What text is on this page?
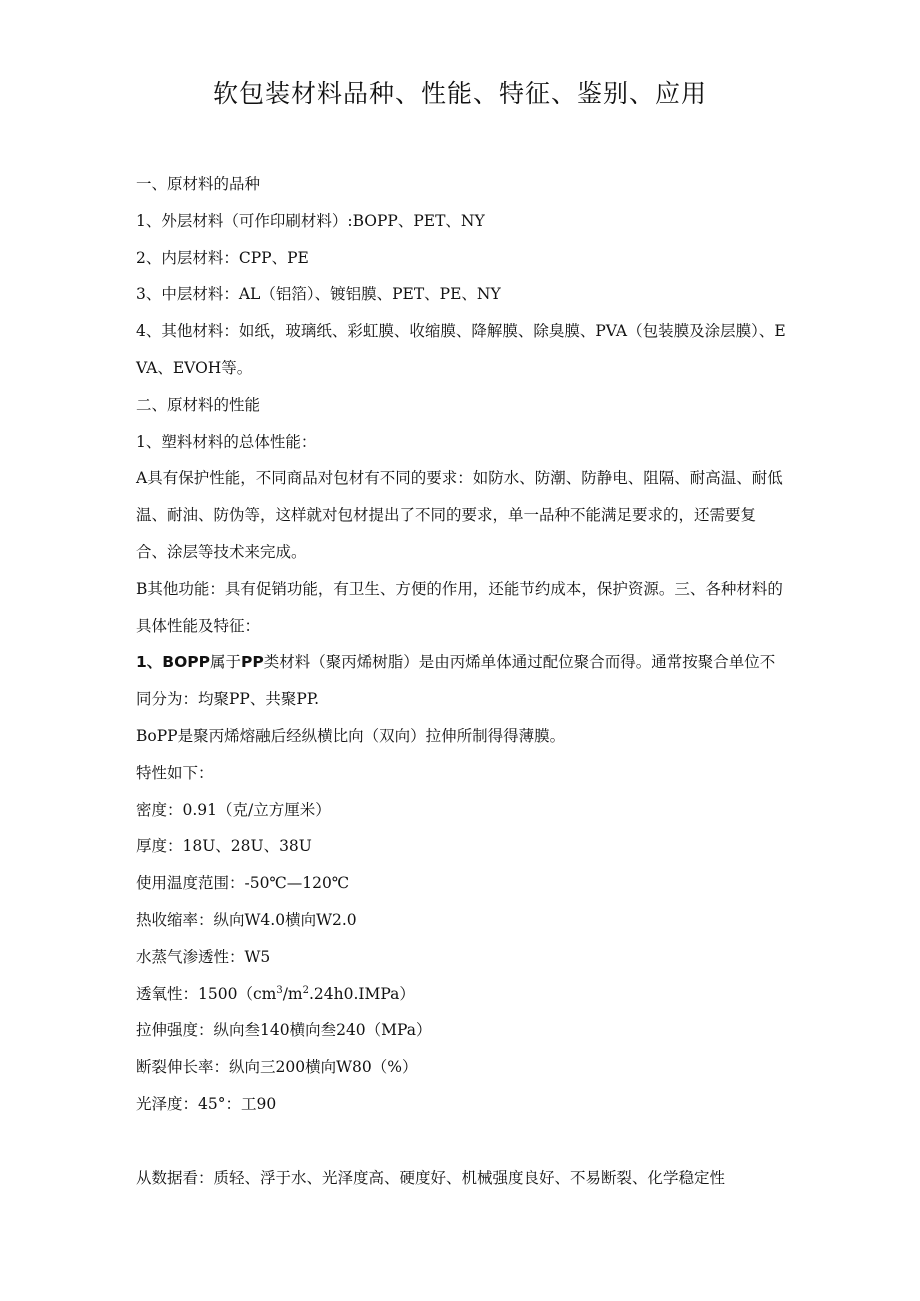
软包装材料品种、性能、特征、鉴别、应用

一、原材料的品种

1、外层材料（可作印刷材料）:BOPP、PET、NY

2、内层材料：CPP、PE

3、中层材料：AL（铝箔）、镀铝膜、PET、PE、NY

4、其他材料：如纸，玻璃纸、彩虹膜、收缩膜、降解膜、除臭膜、PVA（包装膜及涂层膜）、EVA、EVOH等。

二、原材料的性能

1、塑料材料的总体性能：

A具有保护性能，不同商品对包材有不同的要求：如防水、防潮、防静电、阻隔、耐高温、耐低温、耐油、防伪等，这样就对包材提出了不同的要求，单一品种不能满足要求的，还需要复合、涂层等技术来完成。

B其他功能：具有促销功能，有卫生、方便的作用，还能节约成本，保护资源。三、各种材料的具体性能及特征：

1、BOPP属于PP类材料（聚丙烯树脂）是由丙烯单体通过配位聚合而得。通常按聚合单位不同分为：均聚PP、共聚PP.

BoPP是聚丙烯熔融后经纵横比向（双向）拉伸所制得得薄膜。

特性如下：

密度：0.91（克/立方厘米）

厚度：18U、28U、38U

使用温度范围：-50℃—120℃

热收缩率：纵向W4.0横向W2.0

水蒸气渗透性：W5

透氧性：$1500(cm^3/m^2.24h0.IMPa)$

拉伸强度：纵向叁140横向叁240（MPa）

断裂伸长率：纵向三200横向W80（%）

光泽度：45°：工90

从数据看：质轻、浮于水、光泽度高、硬度好、机械强度良好、不易断裂、化学稳定性
